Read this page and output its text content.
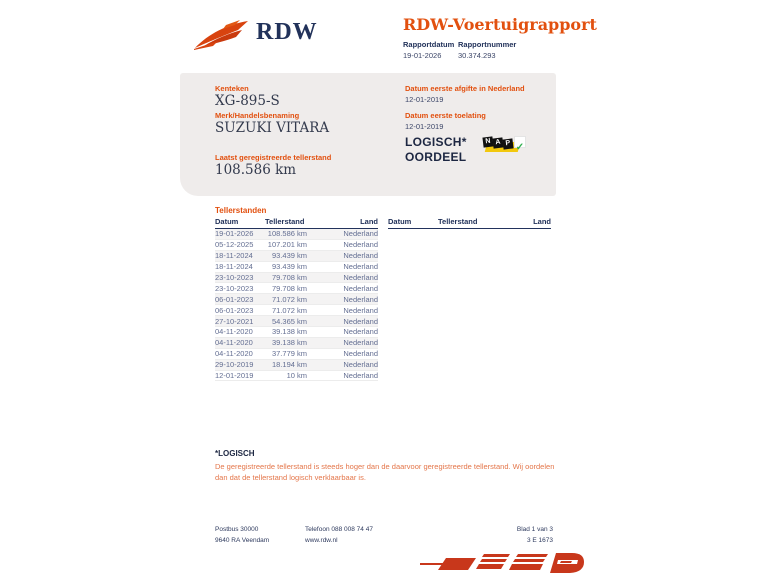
RDW	RDW-Voertuigrapport
Rapportdatum
19-01-2026
Rapportnummer
30.374.293
Kenteken
XG-895-S
Merk/Handelsbenaming
SUZUKI VITARA
Laatst geregistreerde tellerstand
108.586 km
Datum eerste afgifte in Nederland
12-01-2019
Datum eerste toelating
12-01-2019
LOGISCH*
OORDEEL
N A P ✓
Tellerstanden
Datum	Tellerstand	Land
19-01-2026	108.586 km	Nederland
05-12-2025	107.201 km	Nederland
18-11-2024	93.439 km	Nederland
18-11-2024	93.439 km	Nederland
23-10-2023	79.708 km	Nederland
23-10-2023	79.708 km	Nederland
06-01-2023	71.072 km	Nederland
06-01-2023	71.072 km	Nederland
27-10-2021	54.365 km	Nederland
04-11-2020	39.138 km	Nederland
04-11-2020	39.138 km	Nederland
04-11-2020	37.779 km	Nederland
29-10-2019	18.194 km	Nederland
12-01-2019	10 km	Nederland
Datum	Tellerstand	Land
*LOGISCH
De geregistreerde tellerstand is steeds hoger dan de daarvoor geregistreerde tellerstand. Wij oordelen dan dat de tellerstand logisch verklaarbaar is.
Postbus 30000
9640 RA Veendam
Telefoon 088 008 74 47
www.rdw.nl
Blad 1 van 3
3 E 1673
